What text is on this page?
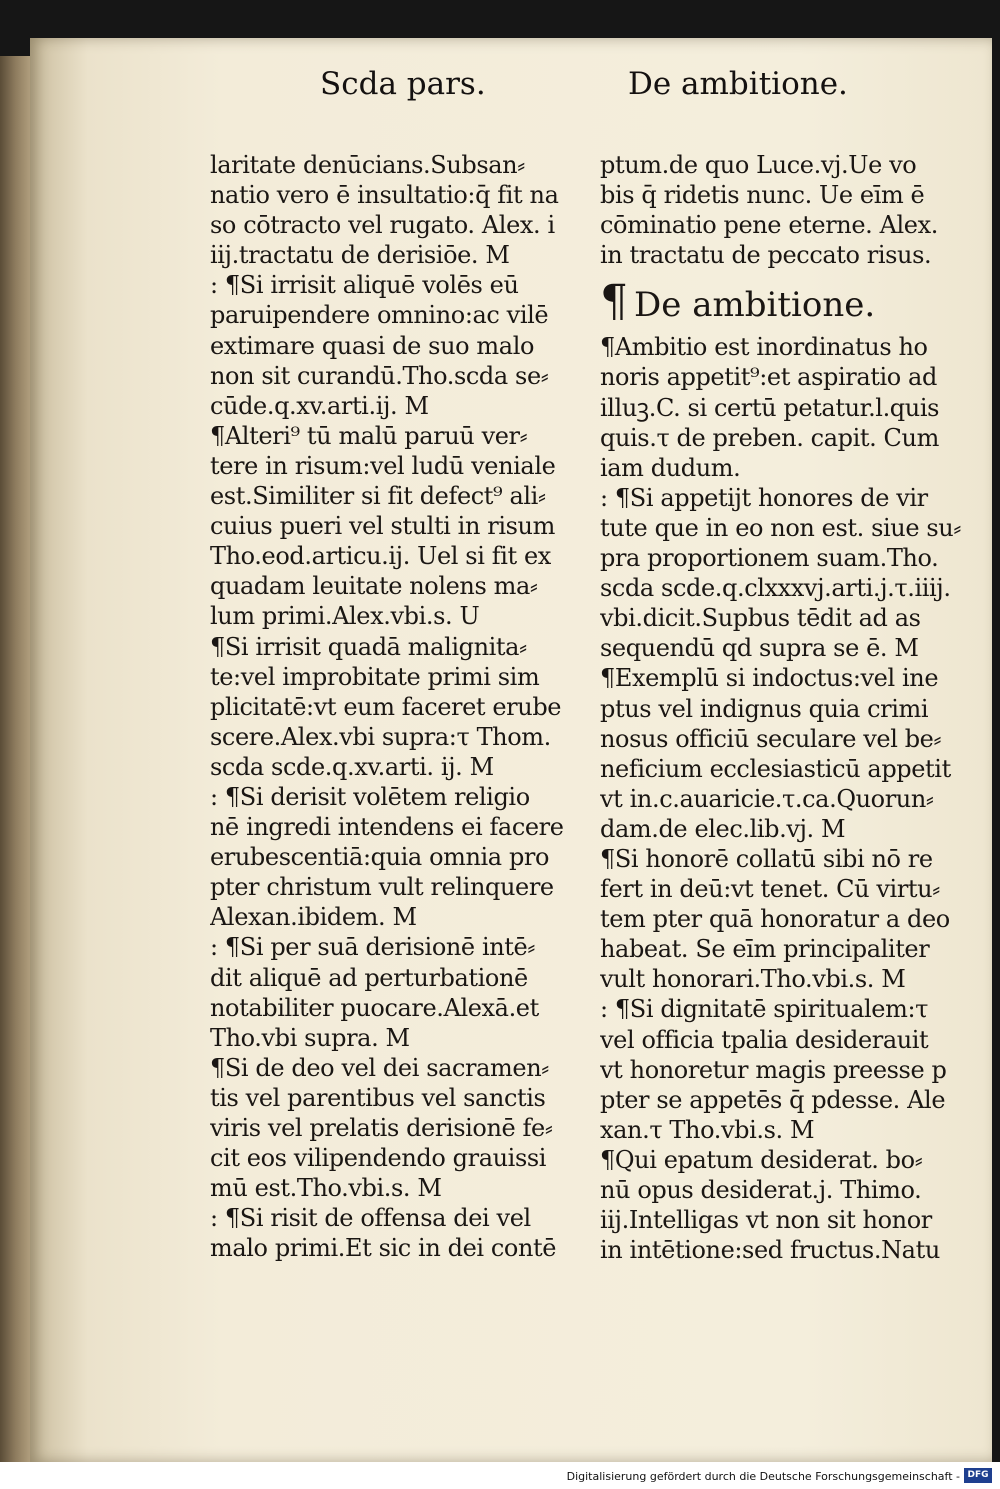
Scda pars.	De ambitione.
laritate denūcians.Subsan⸗
natio vero ē insultatio:q̄ fit na
so cōtracto vel rugato. Alex. i
iij.tractatu de derisiōe. M
: ¶Si irrisit aliquē volēs eū
paruipendere omnino:ac vilē
extimare quasi de suo malo
non sit curandū.Tho.scda se⸗
cūde.q.xv.arti.ij. M
¶Alteri⁹ tū malū paruū ver⸗
tere in risum:vel ludū veniale
est.Similiter si fit defect⁹ ali⸗
cuius pueri vel stulti in risum
Tho.eod.articu.ij. Uel si fit ex
quadam leuitate nolens ma⸗
lum primi.Alex.vbi.s. U
¶Si irrisit quadā malignita⸗
te:vel improbitate primi sim
plicitatē:vt eum faceret erube
scere.Alex.vbi supra:τ Thom.
scda scde.q.xv.arti. ij. M
: ¶Si derisit volētem religio
nē ingredi intendens ei facere
erubescentiā:quia omnia pro
pter christum vult relinquere
Alexan.ibidem. M
: ¶Si per suā derisionē intē⸗
dit aliquē ad perturbationē
notabiliter puocare.Alexā.et
Tho.vbi supra. M
¶Si de deo vel dei sacramen⸗
tis vel parentibus vel sanctis
viris vel prelatis derisionē fe⸗
cit eos vilipendendo grauissi
mū est.Tho.vbi.s. M
: ¶Si risit de offensa dei vel
malo primi.Et sic in dei contē
ptum.de quo Luce.vj.Ue vo
bis q̄ ridetis nunc. Ue eīm ē
cōminatio pene eterne. Alex.
in tractatu de peccato risus.
¶ De ambitione.
¶Ambitio est inordinatus ho
noris appetit⁹:et aspiratio ad
illuꝫ.C. si certū petatur.l.quis
quis.τ de preben. capit. Cum
iam dudum.
: ¶Si appetijt honores de vir
tute que in eo non est. siue su⸗
pra proportionem suam.Tho.
scda scde.q.clxxxvj.arti.j.τ.iiij.
vbi.dicit.Supbus tēdit ad as
sequendū qd supra se ē. M
¶Exemplū si indoctus:vel ine
ptus vel indignus quia crimi
nosus officiū seculare vel be⸗
neficium ecclesiasticū appetit
vt in.c.auaricie.τ.ca.Quorun⸗
dam.de elec.lib.vj. M
¶Si honorē collatū sibi nō re
fert in deū:vt tenet. Cū virtu⸗
tem pter quā honoratur a deo
habeat. Se eīm principaliter
vult honorari.Tho.vbi.s. M
: ¶Si dignitatē spiritualem:τ
vel officia tpalia desiderauit
vt honoretur magis preesse p
pter se appetēs q̄ pdesse. Ale
xan.τ Tho.vbi.s. M
¶Qui epatum desiderat. bo⸗
nū opus desiderat.j. Thimo.
iij.Intelligas vt non sit honor
in intētione:sed fructus.Natu
Digitalisierung gefördert durch die Deutsche Forschungsgemeinschaft - DFG
